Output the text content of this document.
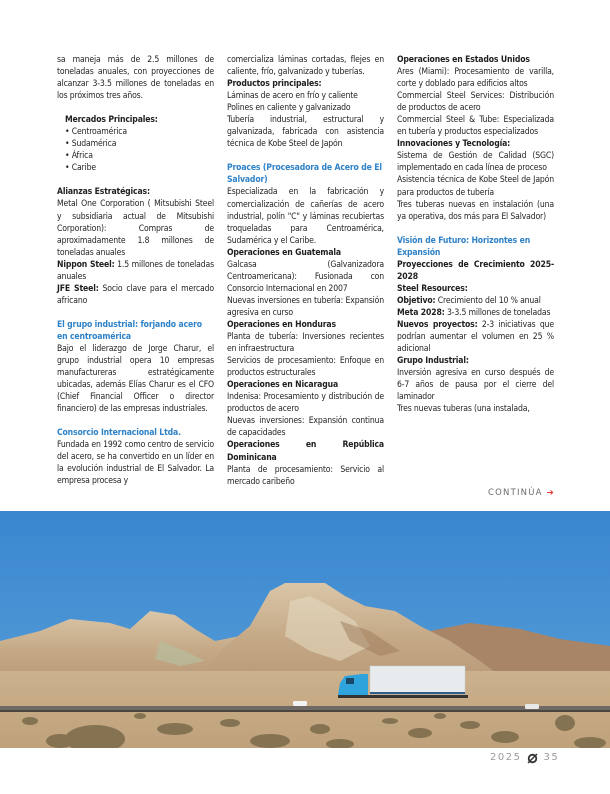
sa maneja más de 2.5 millones de toneladas anuales, con proyecciones de alcanzar 3-3.5 millones de toneladas en los próximos tres años.

Mercados Principales:

• Centroamérica
• Sudamérica
• África
• Caribe

Alianzas Estratégicas:

Metal One Corporation ( Mitsubishi Steel y subsidiaria actual de Mitsubishi Corporation): Compras de aproximadamente 1.8 millones de toneladas anuales

Nippon Steel: 1.5 millones de toneladas anuales

JFE Steel: Socio clave para el mercado africano

El grupo industrial: forjando acero en centroamérica

Bajo el liderazgo de Jorge Charur, el grupo industrial opera 10 empresas manufactureras estratégicamente ubicadas, además Elías Charur es el CFO (Chief Financial Officer o director financiero) de las empresas industriales.

Consorcio Internacional Ltda.

Fundada en 1992 como centro de servicio del acero, se ha convertido en un líder en la evolución industrial de El Salvador. La empresa procesa y

comercializa láminas cortadas, flejes en caliente, frío, galvanizado y tuberías.

Productos principales:

Láminas de acero en frío y caliente

Polines en caliente y galvanizado

Tubería industrial, estructural y galvanizada, fabricada con asistencia técnica de Kobe Steel de Japón

Proaces (Procesadora de Acero de El Salvador)

Especializada en la fabricación y comercialización de cañerías de acero industrial, polín "C" y láminas recubiertas troqueladas para Centroamérica, Sudamérica y el Caribe.

Operaciones en Guatemala

Galcasa (Galvanizadora Centroamericana): Fusionada con Consorcio Internacional en 2007

Nuevas inversiones en tubería: Expansión agresiva en curso

Operaciones en Honduras

Planta de tubería: Inversiones recientes en infraestructura

Servicios de procesamiento: Enfoque en productos estructurales

Operaciones en Nicaragua

Indenisa: Procesamiento y distribución de productos de acero

Nuevas inversiones: Expansión continua de capacidades

Operaciones en República Dominicana

Planta de procesamiento: Servicio al mercado caribeño

Operaciones en Estados Unidos

Ares (Miami): Procesamiento de varilla, corte y doblado para edificios altos

Commercial Steel Services: Distribución de productos de acero

Commercial Steel & Tube: Especializada en tubería y productos especializados

Innovaciones y Tecnología:

Sistema de Gestión de Calidad (SGC) implementado en cada línea de proceso

Asistencia técnica de Kobe Steel de Japón para productos de tubería

Tres tuberas nuevas en instalación (una ya operativa, dos más para El Salvador)

Visión de Futuro: Horizontes en Expansión

Proyecciones de Crecimiento 2025-2028

Steel Resources:

Objetivo: Crecimiento del 10 % anual

Meta 2028: 3-3.5 millones de toneladas

Nuevos proyectos: 2-3 iniciativas que podrían aumentar el volumen en 25 % adicional

Grupo Industrial:

Inversión agresiva en curso después de 6-7 años de pausa por el cierre del laminador

Tres nuevas tuberas (una instalada,

CONTINÚA ➔
2025 35
